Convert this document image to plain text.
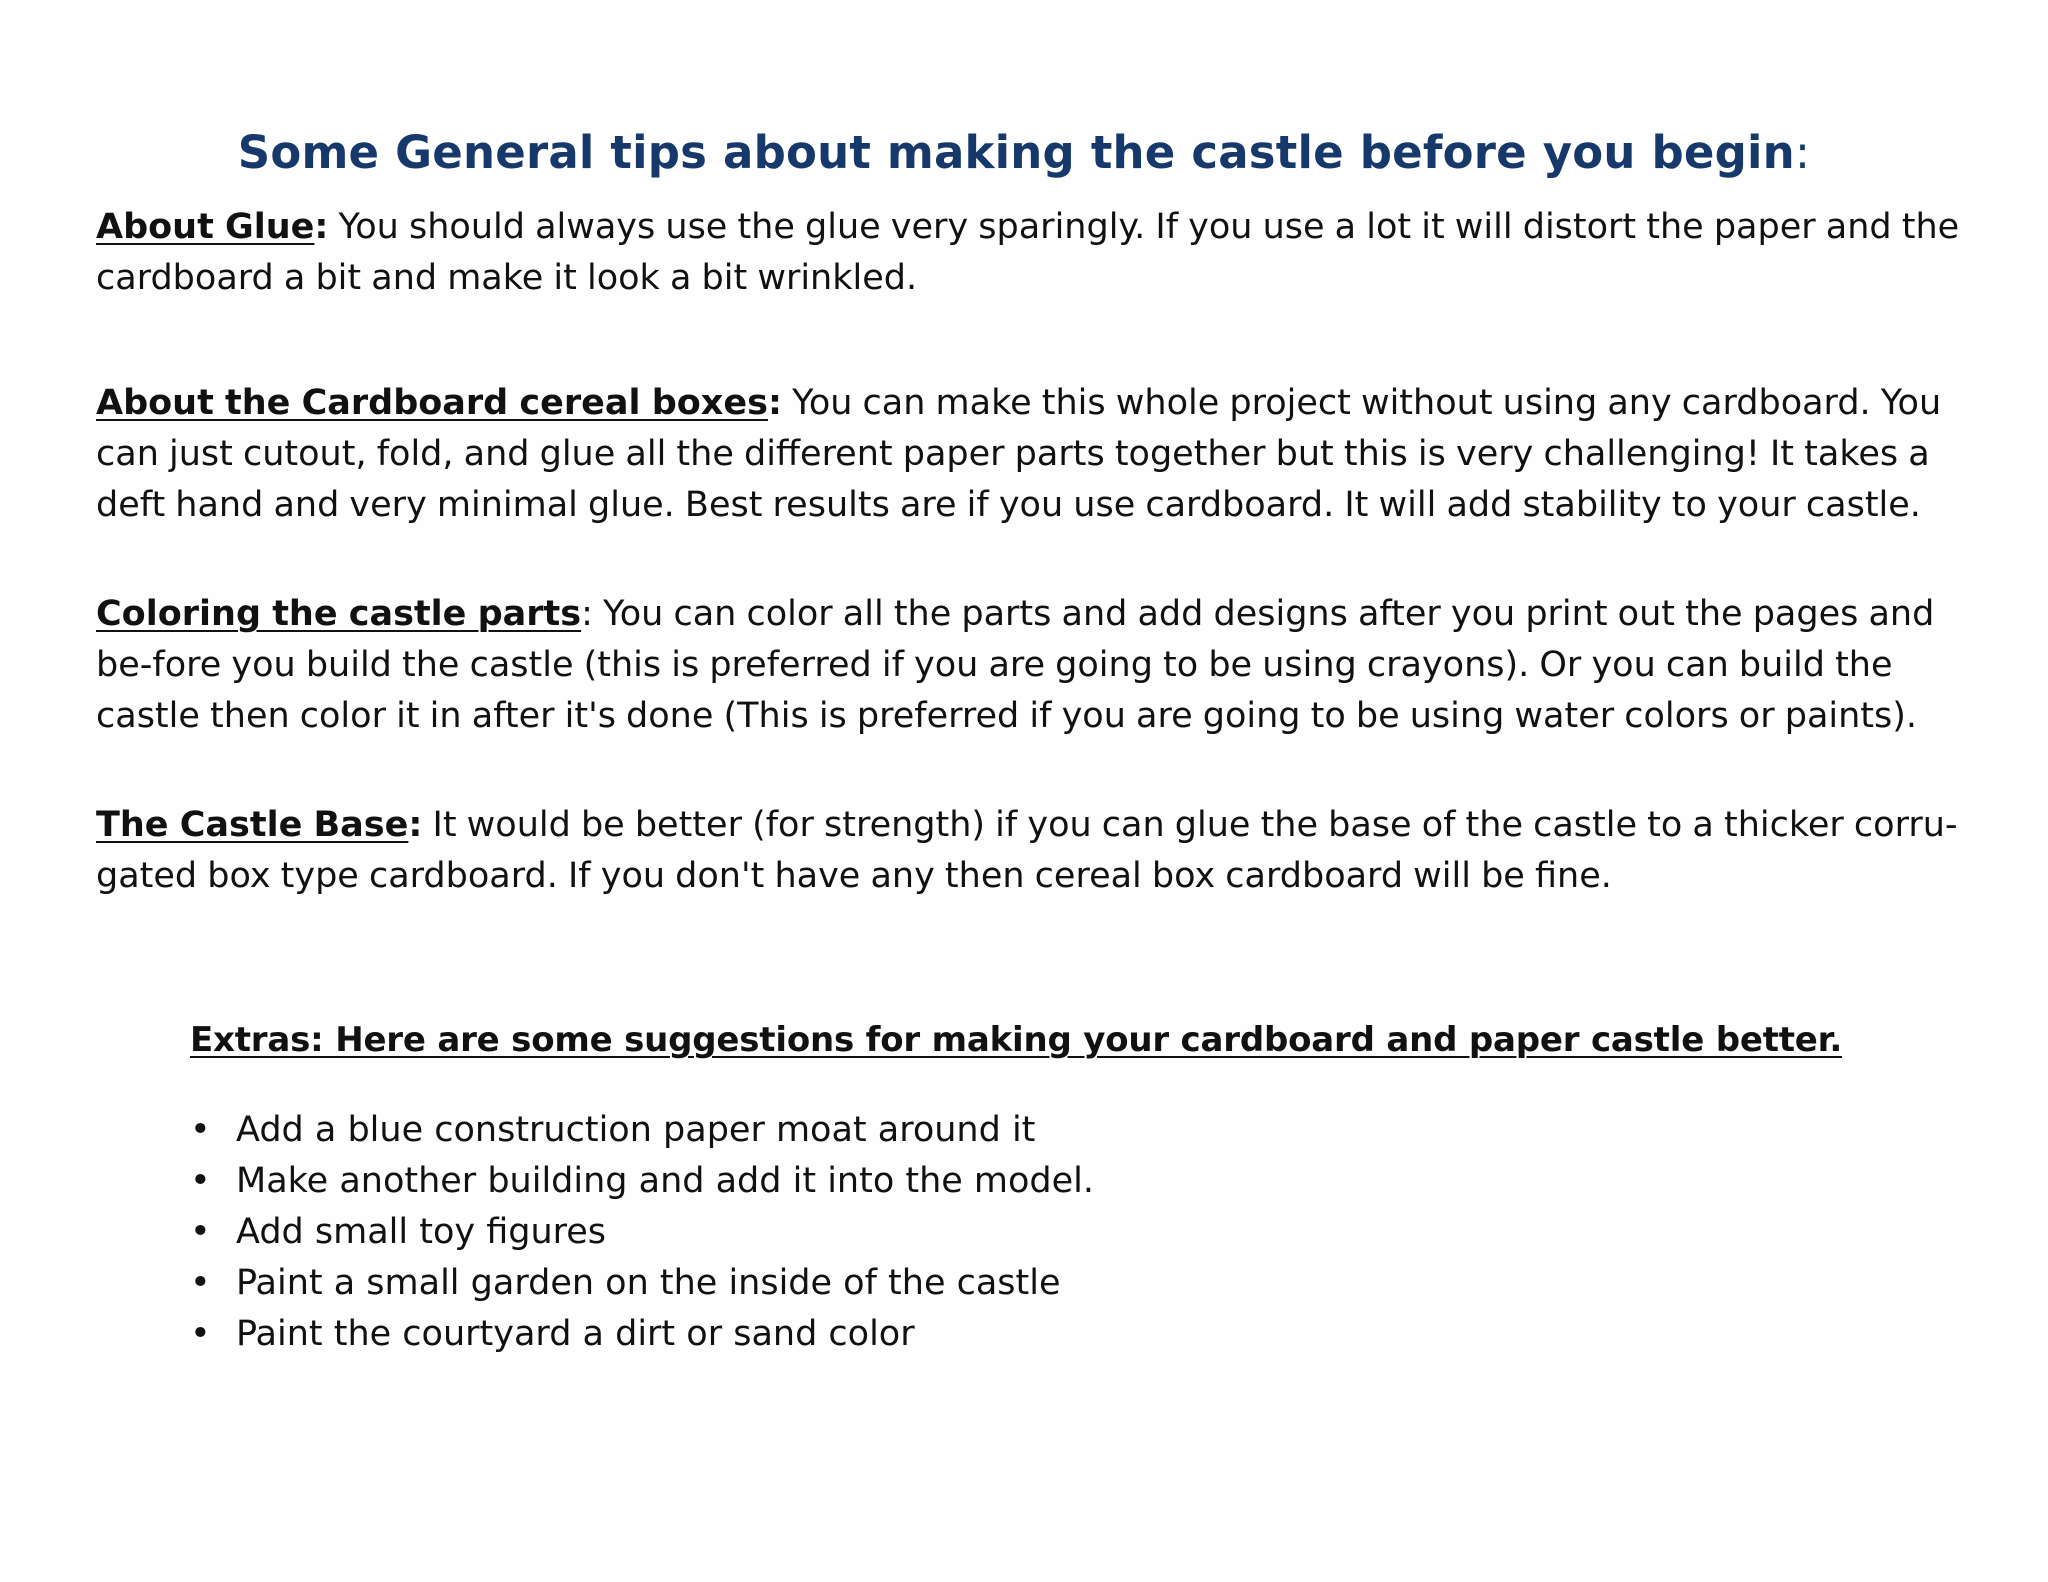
Some General tips about making the castle before you begin:
About Glue: You should always use the glue very sparingly. If you use a lot it will distort the paper and the cardboard a bit and make it look a bit wrinkled.
About the Cardboard cereal boxes: You can make this whole project without using any cardboard. You can just cutout, fold, and glue all the different paper parts together but this is very challenging! It takes a deft hand and very minimal glue. Best results are if you use cardboard. It will add stability to your castle.
Coloring the castle parts: You can color all the parts and add designs after you print out the pages and be-fore you build the castle (this is preferred if you are going to be using crayons). Or you can build the castle then color it in after it's done (This is preferred if you are going to be using water colors or paints).
The Castle Base: It would be better (for strength) if you can glue the base of the castle to a thicker corru-gated box type cardboard. If you don't have any then cereal box cardboard will be fine.
Extras: Here are some suggestions for making your cardboard and paper castle better.
• Add a blue construction paper moat around it
• Make another building and add it into the model.
• Add small toy figures
• Paint a small garden on the inside of the castle
• Paint the courtyard a dirt or sand color
